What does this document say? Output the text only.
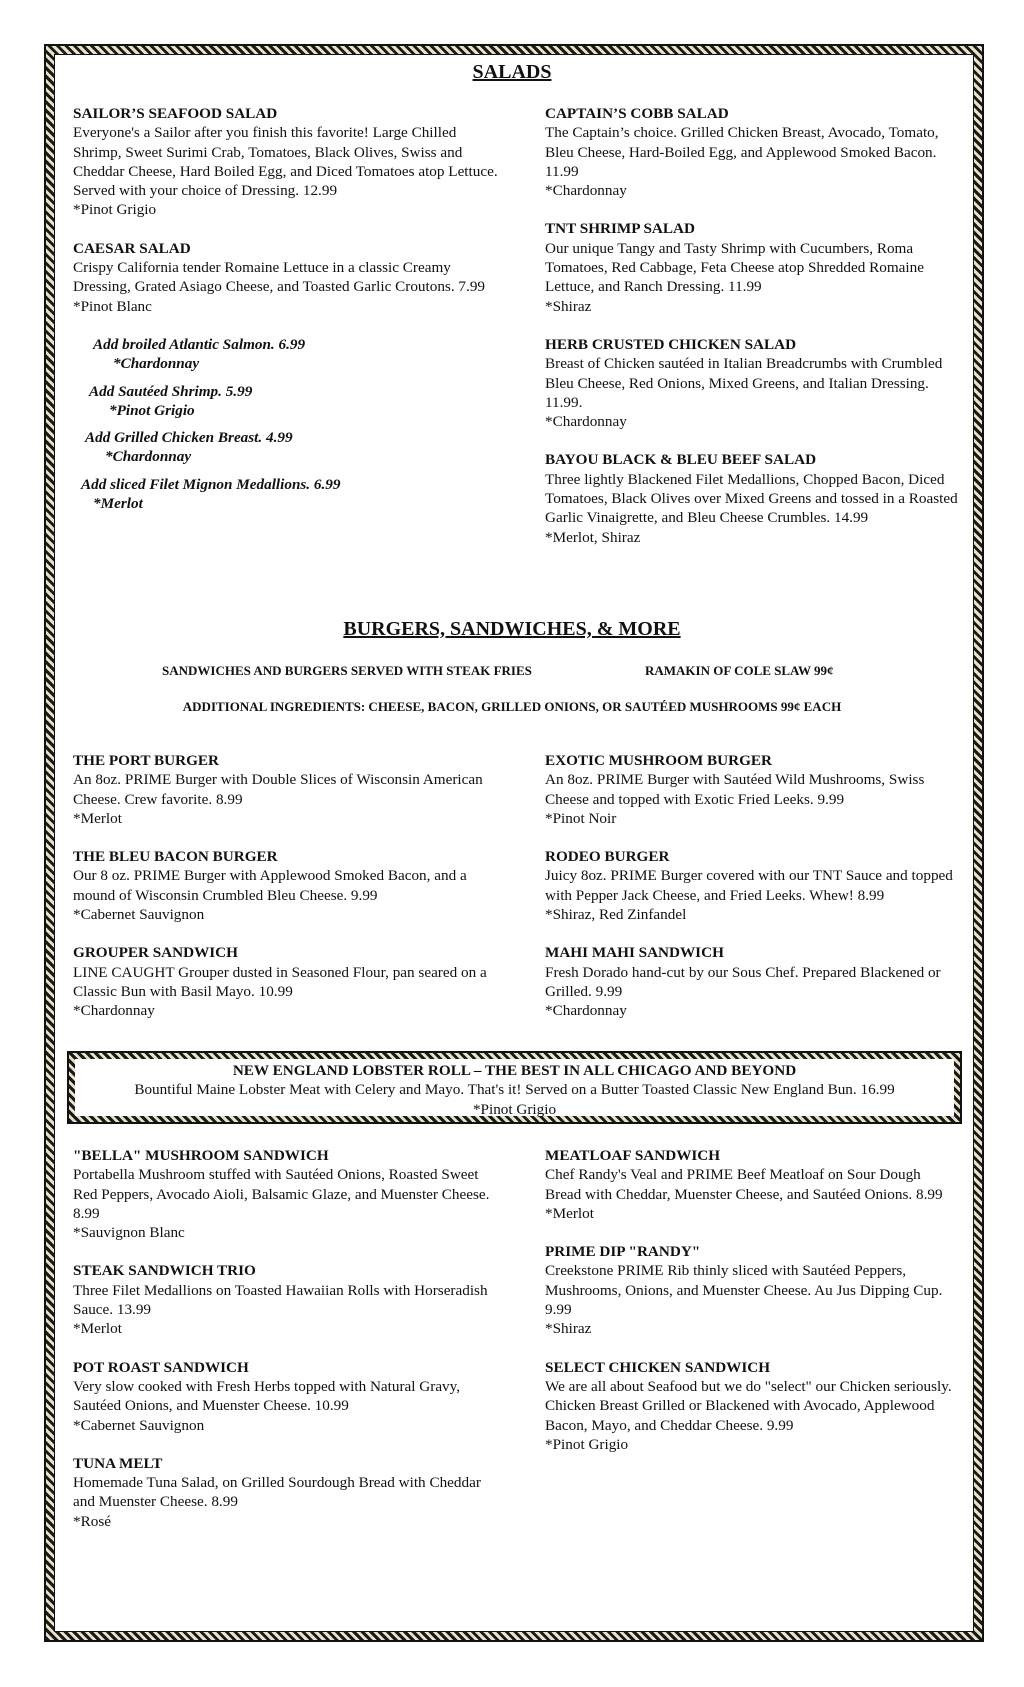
SALADS
SAILOR’S SEAFOOD SALAD
Everyone's a Sailor after you finish this favorite! Large Chilled Shrimp, Sweet Surimi Crab, Tomatoes, Black Olives, Swiss and Cheddar Cheese, Hard Boiled Egg, and Diced Tomatoes atop Lettuce. Served with your choice of Dressing. 12.99
*Pinot Grigio
CAESAR SALAD
Crispy California tender Romaine Lettuce in a classic Creamy Dressing, Grated Asiago Cheese, and Toasted Garlic Croutons. 7.99
*Pinot Blanc
Add broiled Atlantic Salmon. 6.99
*Chardonnay
Add Sautéed Shrimp. 5.99
*Pinot Grigio
Add Grilled Chicken Breast. 4.99
*Chardonnay
Add sliced Filet Mignon Medallions. 6.99
*Merlot
CAPTAIN’S COBB SALAD
The Captain’s choice. Grilled Chicken Breast, Avocado, Tomato, Bleu Cheese, Hard-Boiled Egg, and Applewood Smoked Bacon. 11.99
*Chardonnay
TNT SHRIMP SALAD
Our unique Tangy and Tasty Shrimp with Cucumbers, Roma Tomatoes, Red Cabbage, Feta Cheese atop Shredded Romaine Lettuce, and Ranch Dressing. 11.99
*Shiraz
HERB CRUSTED CHICKEN SALAD
Breast of Chicken sautéed in Italian Breadcrumbs with Crumbled Bleu Cheese, Red Onions, Mixed Greens, and Italian Dressing. 11.99.
*Chardonnay
BAYOU BLACK & BLEU BEEF SALAD
Three lightly Blackened Filet Medallions, Chopped Bacon, Diced Tomatoes, Black Olives over Mixed Greens and tossed in a Roasted Garlic Vinaigrette, and Bleu Cheese Crumbles. 14.99
*Merlot, Shiraz
BURGERS, SANDWICHES, & MORE

SANDWICHES AND BURGERS SERVED WITH STEAK FRIES	RAMAKIN OF COLE SLAW 99¢

ADDITIONAL INGREDIENTS: CHEESE, BACON, GRILLED ONIONS, OR SAUTÉED MUSHROOMS 99¢ EACH

THE PORT BURGER
An 8oz. PRIME Burger with Double Slices of Wisconsin American Cheese. Crew favorite. 8.99
*Merlot
THE BLEU BACON BURGER
Our 8 oz. PRIME Burger with Applewood Smoked Bacon, and a mound of Wisconsin Crumbled Bleu Cheese. 9.99
*Cabernet Sauvignon
GROUPER SANDWICH
LINE CAUGHT Grouper dusted in Seasoned Flour, pan seared on a Classic Bun with Basil Mayo. 10.99
*Chardonnay
EXOTIC MUSHROOM BURGER
An 8oz. PRIME Burger with Sautéed Wild Mushrooms, Swiss Cheese and topped with Exotic Fried Leeks. 9.99
*Pinot Noir
RODEO BURGER
Juicy 8oz. PRIME Burger covered with our TNT Sauce and topped with Pepper Jack Cheese, and Fried Leeks. Whew! 8.99
*Shiraz, Red Zinfandel
MAHI MAHI SANDWICH
Fresh Dorado hand-cut by our Sous Chef. Prepared Blackened or Grilled. 9.99
*Chardonnay
NEW ENGLAND LOBSTER ROLL – THE BEST IN ALL CHICAGO AND BEYOND
Bountiful Maine Lobster Meat with Celery and Mayo. That's it! Served on a Butter Toasted Classic New England Bun. 16.99
*Pinot Grigio
"BELLA" MUSHROOM SANDWICH
Portabella Mushroom stuffed with Sautéed Onions, Roasted Sweet Red Peppers, Avocado Aioli, Balsamic Glaze, and Muenster Cheese. 8.99
*Sauvignon Blanc
STEAK SANDWICH TRIO
Three Filet Medallions on Toasted Hawaiian Rolls with Horseradish Sauce. 13.99
*Merlot
POT ROAST SANDWICH
Very slow cooked with Fresh Herbs topped with Natural Gravy, Sautéed Onions, and Muenster Cheese. 10.99
*Cabernet Sauvignon
TUNA MELT
Homemade Tuna Salad, on Grilled Sourdough Bread with Cheddar and Muenster Cheese. 8.99
*Rosé
MEATLOAF SANDWICH
Chef Randy's Veal and PRIME Beef Meatloaf on Sour Dough Bread with Cheddar, Muenster Cheese, and Sautéed Onions. 8.99
*Merlot
PRIME DIP "RANDY"
Creekstone PRIME Rib thinly sliced with Sautéed Peppers, Mushrooms, Onions, and Muenster Cheese. Au Jus Dipping Cup. 9.99
*Shiraz
SELECT CHICKEN SANDWICH
We are all about Seafood but we do "select" our Chicken seriously. Chicken Breast Grilled or Blackened with Avocado, Applewood Bacon, Mayo, and Cheddar Cheese. 9.99
*Pinot Grigio
